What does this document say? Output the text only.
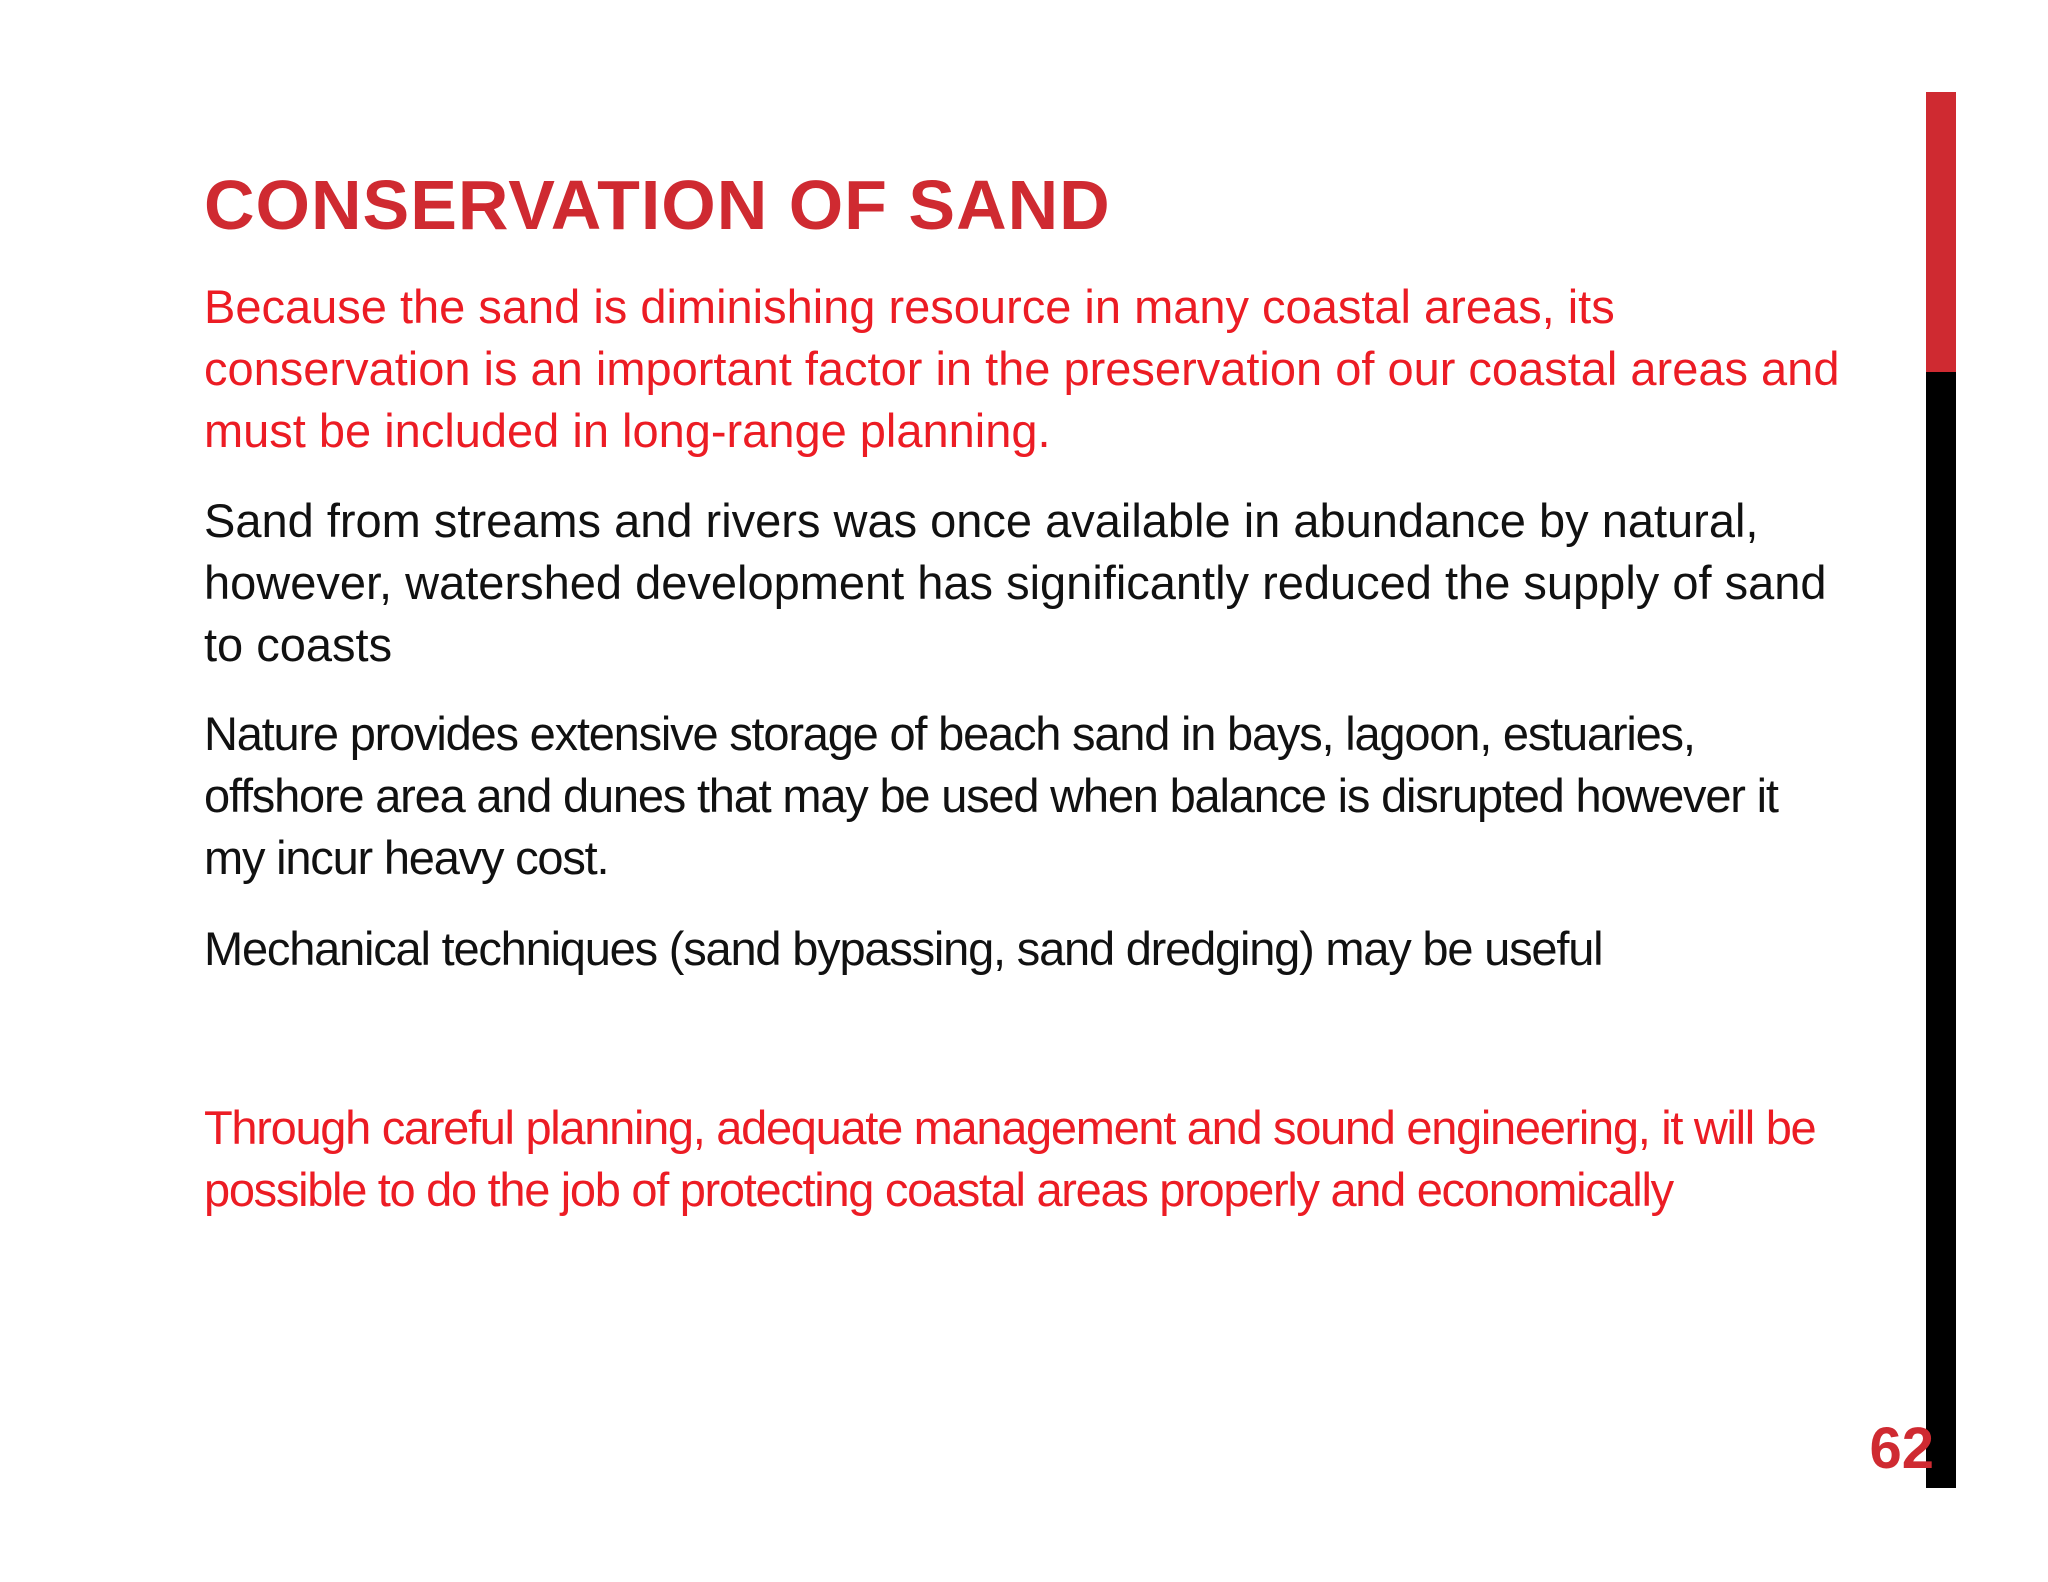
CONSERVATION OF SAND

Because the sand is diminishing resource in many coastal areas, its conservation is an important factor in the preservation of our coastal areas and must be included in long-range planning.

Sand from streams and rivers was once available in abundance by natural, however, watershed development has significantly reduced the supply of sand to coasts

Nature provides extensive storage of beach sand in bays, lagoon, estuaries, offshore area and dunes that may be used when balance is disrupted however it my incur heavy cost.

Mechanical techniques (sand bypassing, sand dredging) may be useful

Through careful planning, adequate management and sound engineering, it will be possible to do the job of protecting coastal areas properly and economically

62
